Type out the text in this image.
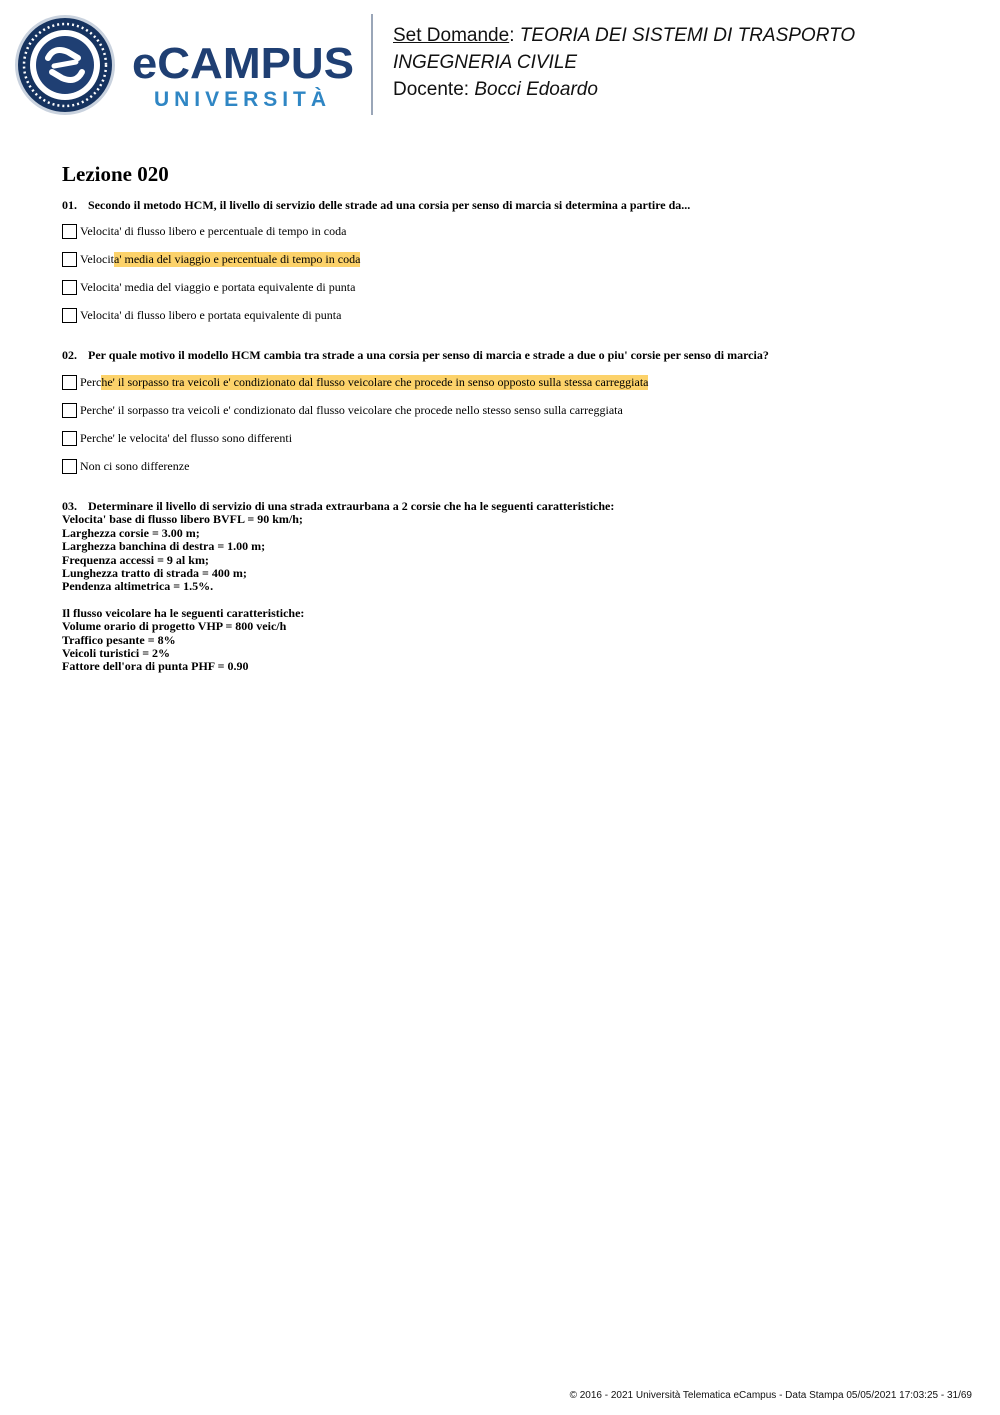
eCAMPUS
UNIVERSITÀ
Set Domande: TEORIA DEI SISTEMI DI TRASPORTO
INGEGNERIA CIVILE
Docente: Bocci Edoardo
Lezione 020
01. Secondo il metodo HCM, il livello di servizio delle strade ad una corsia per senso di marcia si determina a partire da...
Velocita' di flusso libero e percentuale di tempo in coda
Velocit a' media del viaggio e percentuale di tempo in coda
Velocita' media del viaggio e portata equivalente di punta
Velocita' di flusso libero e portata equivalente di punta
02. Per quale motivo il modello HCM cambia tra strade a una corsia per senso di marcia e strade a due o piu' corsie per senso di marcia?
Perc he' il sorpasso tra veicoli e' condizionato dal flusso veicolare che procede in senso opposto sulla stessa carreggiata
Perche' il sorpasso tra veicoli e' condizionato dal flusso veicolare che procede nello stesso senso sulla carreggiata
Perche' le velocita' del flusso sono differenti
Non ci sono differenze
03. Determinare il livello di servizio di una strada extraurbana a 2 corsie che ha le seguenti caratteristiche:
Velocita' base di flusso libero BVFL = 90 km/h;
Larghezza corsie = 3.00 m;
Larghezza banchina di destra = 1.00 m;
Frequenza accessi = 9 al km;
Lunghezza tratto di strada = 400 m;
Pendenza altimetrica = 1.5%.
Il flusso veicolare ha le seguenti caratteristiche:
Volume orario di progetto VHP = 800 veic/h
Traffico pesante = 8%
Veicoli turistici = 2%
Fattore dell'ora di punta PHF = 0.90
© 2016 - 2021 Università Telematica eCampus - Data Stampa 05/05/2021 17:03:25 - 31/69
